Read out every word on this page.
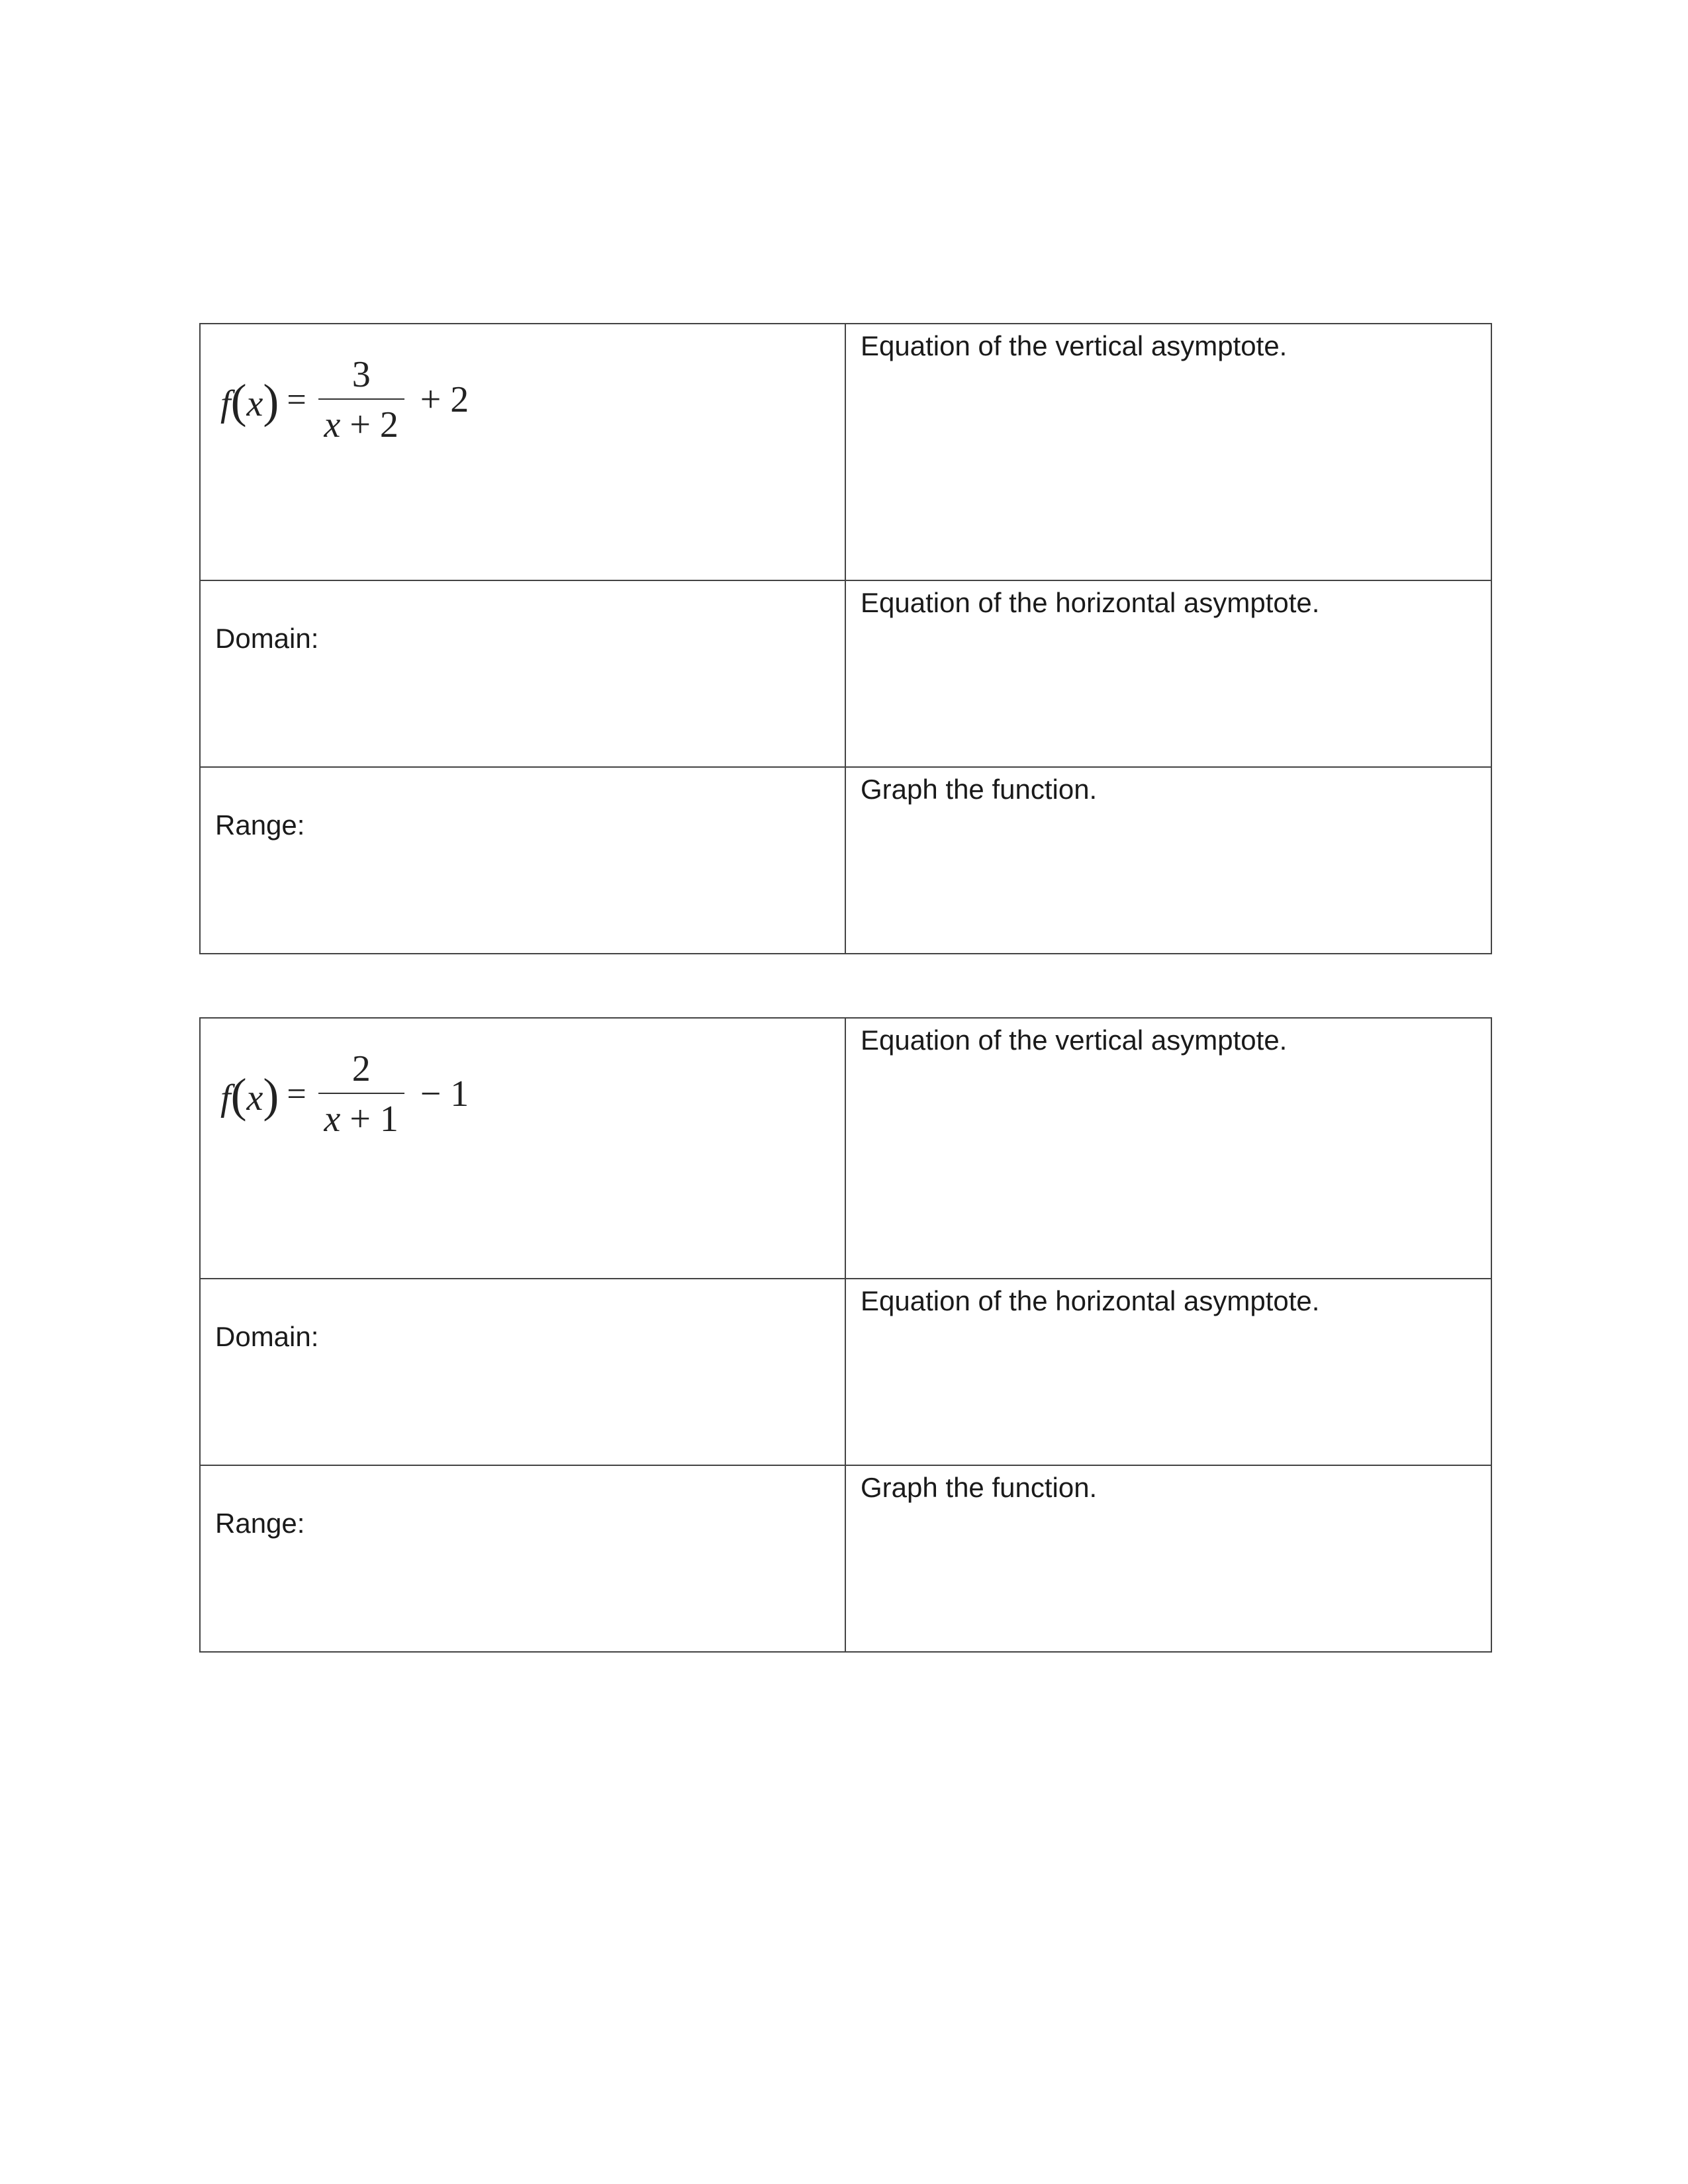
$f(x) = \frac{3}{x + 2} + 2$	Equation of the vertical asymptote.

Domain:	Equation of the horizontal asymptote.

Range:	Graph the function.
$f(x) = \frac{2}{x + 1} - 1$	Equation of the vertical asymptote.

Domain:	Equation of the horizontal asymptote.

Range:	Graph the function.
